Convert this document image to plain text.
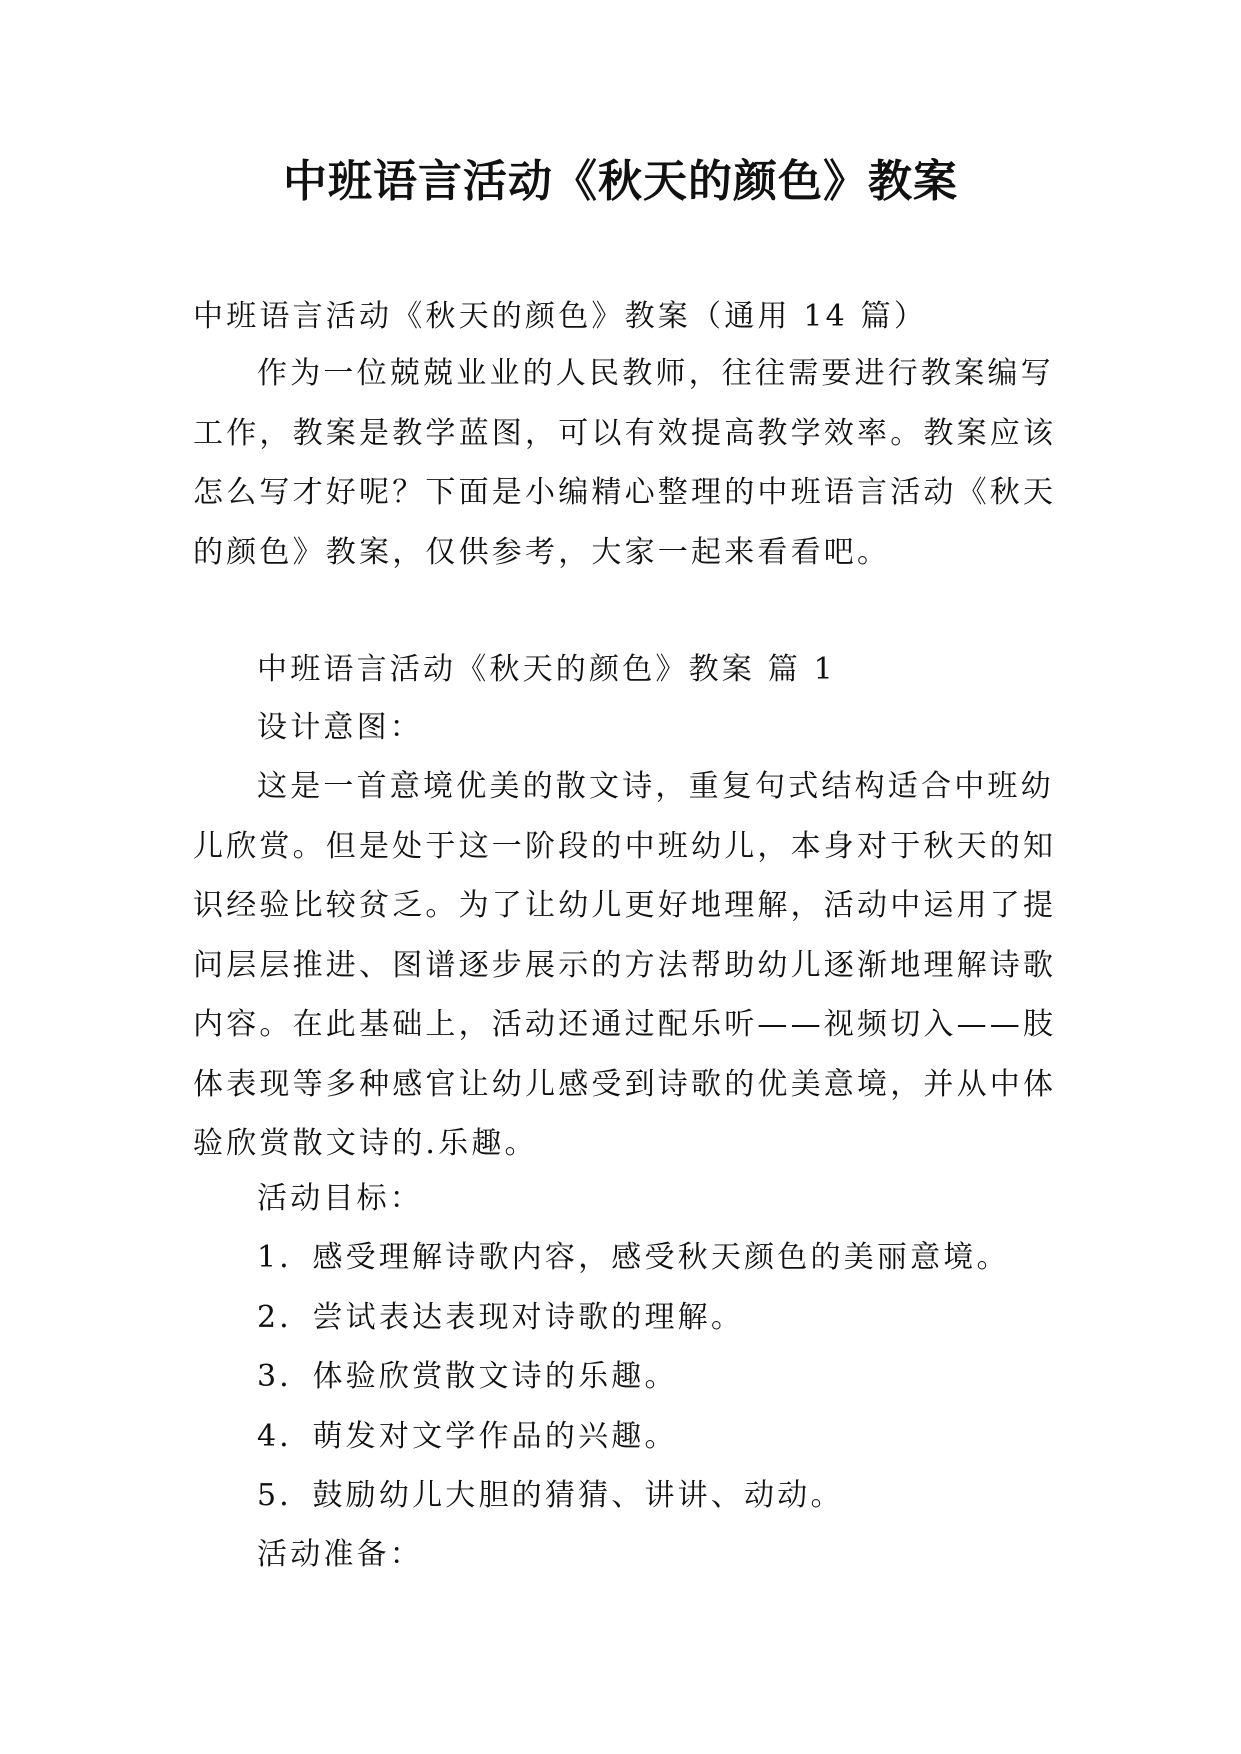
中班语言活动《秋天的颜色》教案

中班语言活动《秋天的颜色》教案（通用 14 篇）

作为一位兢兢业业的人民教师，往往需要进行教案编写
工作，教案是教学蓝图，可以有效提高教学效率。教案应该
怎么写才好呢？下面是小编精心整理的中班语言活动《秋天
的颜色》教案，仅供参考，大家一起来看看吧。

中班语言活动《秋天的颜色》教案 篇 1

设计意图：

这是一首意境优美的散文诗，重复句式结构适合中班幼
儿欣赏。但是处于这一阶段的中班幼儿，本身对于秋天的知
识经验比较贫乏。为了让幼儿更好地理解，活动中运用了提
问层层推进、图谱逐步展示的方法帮助幼儿逐渐地理解诗歌
内容。在此基础上，活动还通过配乐听——视频切入——肢
体表现等多种感官让幼儿感受到诗歌的优美意境，并从中体
验欣赏散文诗的.乐趣。

活动目标：

1．感受理解诗歌内容，感受秋天颜色的美丽意境。
2．尝试表达表现对诗歌的理解。
3．体验欣赏散文诗的乐趣。
4．萌发对文学作品的兴趣。
5．鼓励幼儿大胆的猜猜、讲讲、动动。

活动准备：
